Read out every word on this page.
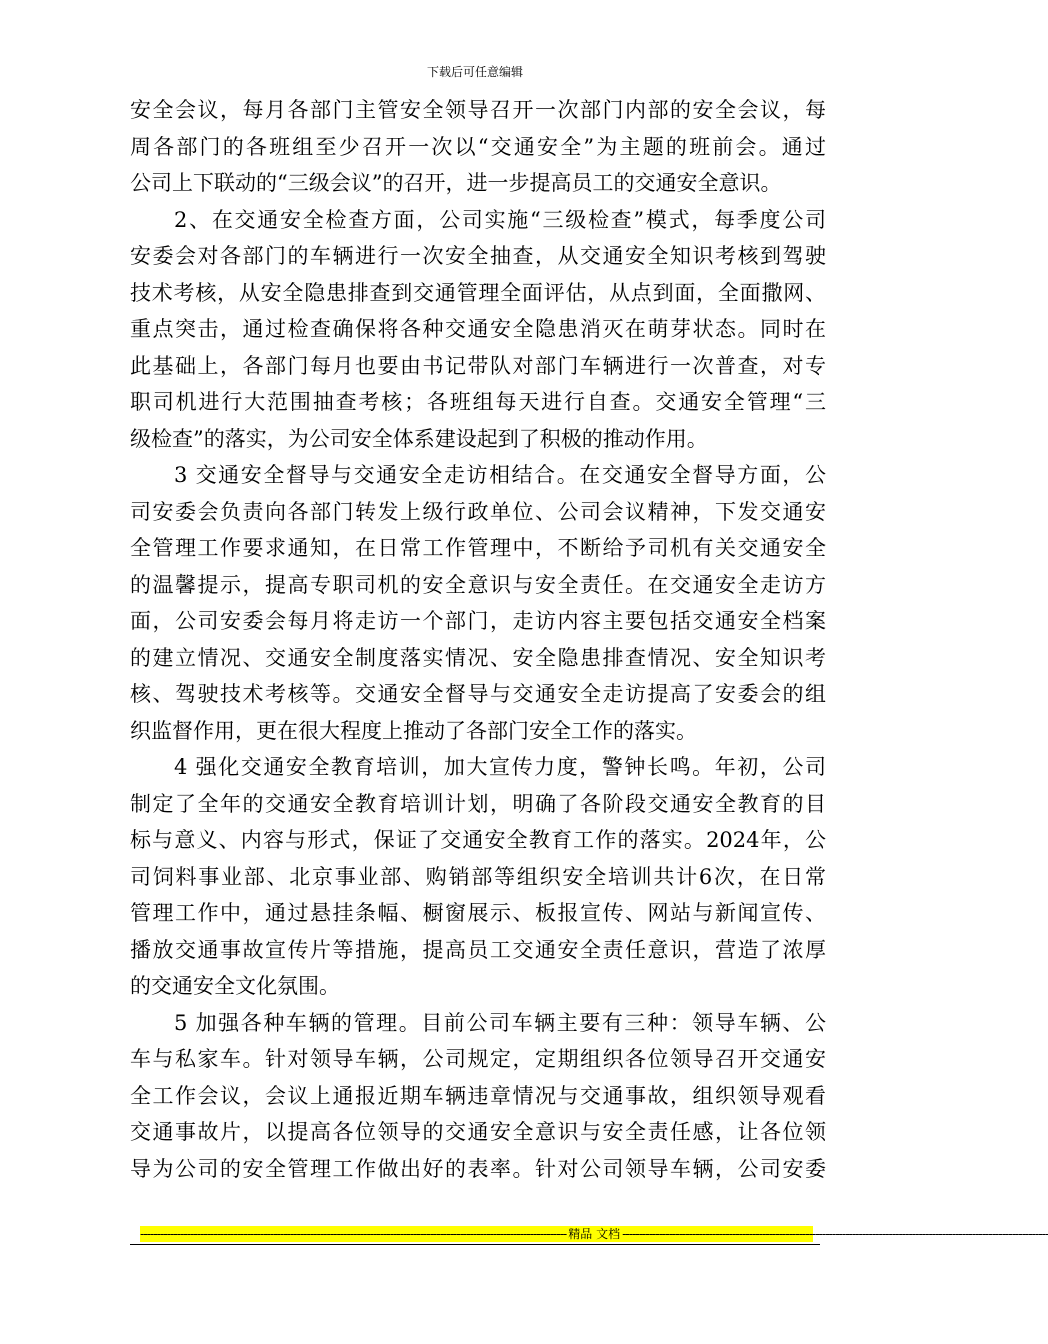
下载后可任意编辑
安全会议，每月各部门主管安全领导召开一次部门内部的安全会议，每
周各部门的各班组至少召开一次以“交通安全”为主题的班前会。通过
公司上下联动的“三级会议”的召开，进一步提高员工的交通安全意识。
2、在交通安全检查方面，公司实施“三级检查”模式，每季度公司
安委会对各部门的车辆进行一次安全抽查，从交通安全知识考核到驾驶
技术考核，从安全隐患排查到交通管理全面评估，从点到面，全面撒网、
重点突击，通过检查确保将各种交通安全隐患消灭在萌芽状态。同时在
此基础上，各部门每月也要由书记带队对部门车辆进行一次普查，对专
职司机进行大范围抽查考核；各班组每天进行自查。交通安全管理“三
级检查”的落实，为公司安全体系建设起到了积极的推动作用。
3 交通安全督导与交通安全走访相结合。在交通安全督导方面，公
司安委会负责向各部门转发上级行政单位、公司会议精神，下发交通安
全管理工作要求通知，在日常工作管理中，不断给予司机有关交通安全
的温馨提示，提高专职司机的安全意识与安全责任。在交通安全走访方
面，公司安委会每月将走访一个部门，走访内容主要包括交通安全档案
的建立情况、交通安全制度落实情况、安全隐患排查情况、安全知识考
核、驾驶技术考核等。交通安全督导与交通安全走访提高了安委会的组
织监督作用，更在很大程度上推动了各部门安全工作的落实。
4 强化交通安全教育培训，加大宣传力度，警钟长鸣。年初，公司
制定了全年的交通安全教育培训计划，明确了各阶段交通安全教育的目
标与意义、内容与形式，保证了交通安全教育工作的落实。2024年，公
司饲料事业部、北京事业部、购销部等组织安全培训共计6次，在日常
管理工作中，通过悬挂条幅、橱窗展示、板报宣传、网站与新闻宣传、
播放交通事故宣传片等措施，提高员工交通安全责任意识，营造了浓厚
的交通安全文化氛围。
5 加强各种车辆的管理。目前公司车辆主要有三种：领导车辆、公
车与私家车。针对领导车辆，公司规定，定期组织各位领导召开交通安
全工作会议，会议上通报近期车辆违章情况与交通事故，组织领导观看
交通事故片，以提高各位领导的交通安全意识与安全责任感，让各位领
导为公司的安全管理工作做出好的表率。针对公司领导车辆，公司安委
-------------------------------------------------------------------------------------------------------------------------------- 精品 文档 --------------------------------------------------------------------------------------------------------------------------------
